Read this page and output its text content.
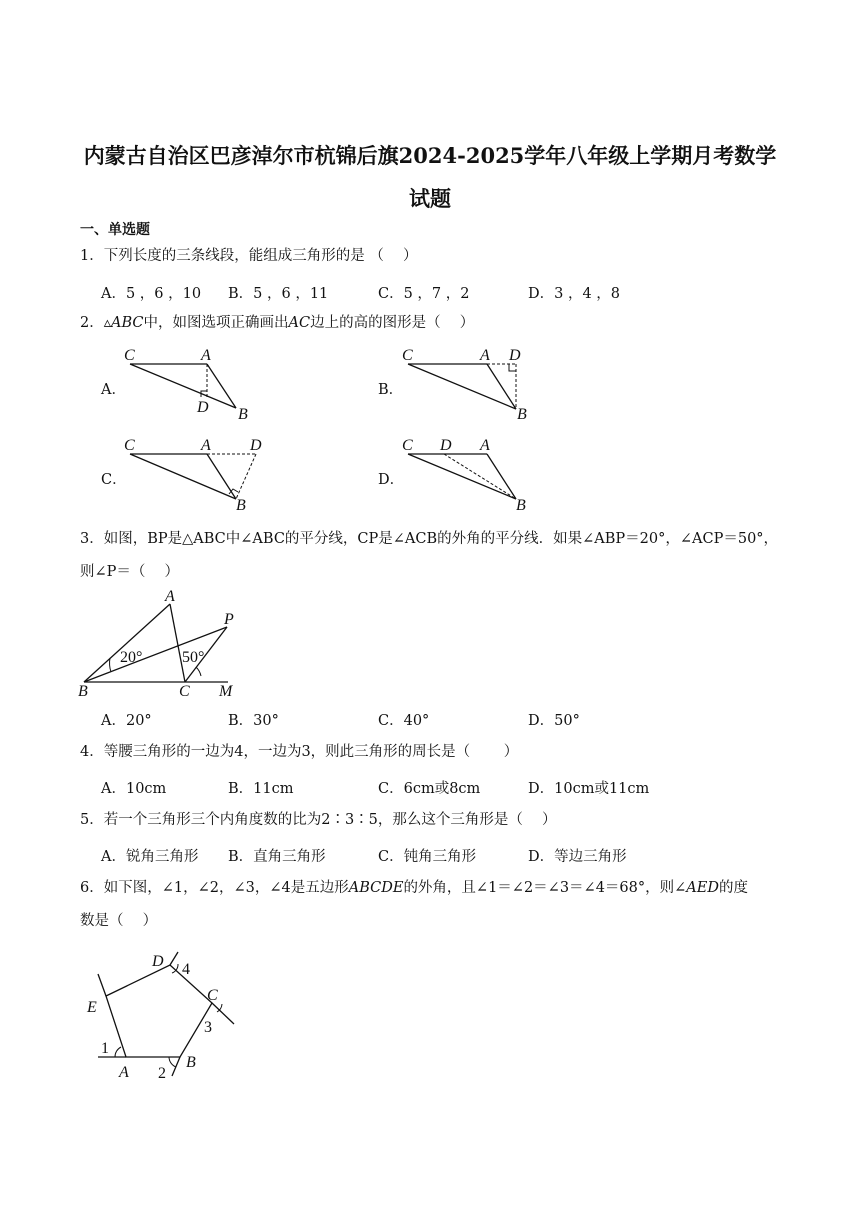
内蒙古自治区巴彦淖尔市杭锦后旗2024-2025学年八年级上学期月考数学
试题
一、单选题
1．下列长度的三条线段，能组成三角形的是 （　 ）
A．5 ，6 ，10 B．5 ，6 ，11	C．5 ，7 ，2	D．3 ，4 ，8
2．▵ABC中，如图选项正确画出AC边上的高的图形是（　 ）
A．
C	A
D B
B．
C	A D
B
C．
C	A D
B
D．
C D A
B
3．如图，BP是△ABC中∠ABC的平分线，CP是∠ACB的外角的平分线．如果∠ABP＝20°，∠ACP＝50°，
则∠P＝（　 ）
A
P
B	C M
20° 50°
A．20°	B．30°	C．40°	D．50°
4．等腰三角形的一边为4，一边为3，则此三角形的周长是（　　 ）
A．10cm	B．11cm	C．6cm或8cm	D．10cm或11cm
5．若一个三角形三个内角度数的比为2∶3∶5，那么这个三角形是（　 ）
A．锐角三角形 B．直角三角形	C．钝角三角形	D．等边三角形
6．如下图，∠1，∠2，∠3，∠4是五边形ABCDE的外角，且∠1＝∠2＝∠3＝∠4＝68°，则∠AED的度
数是（　 ）
D 4
C
3
E
1
A 2
B
